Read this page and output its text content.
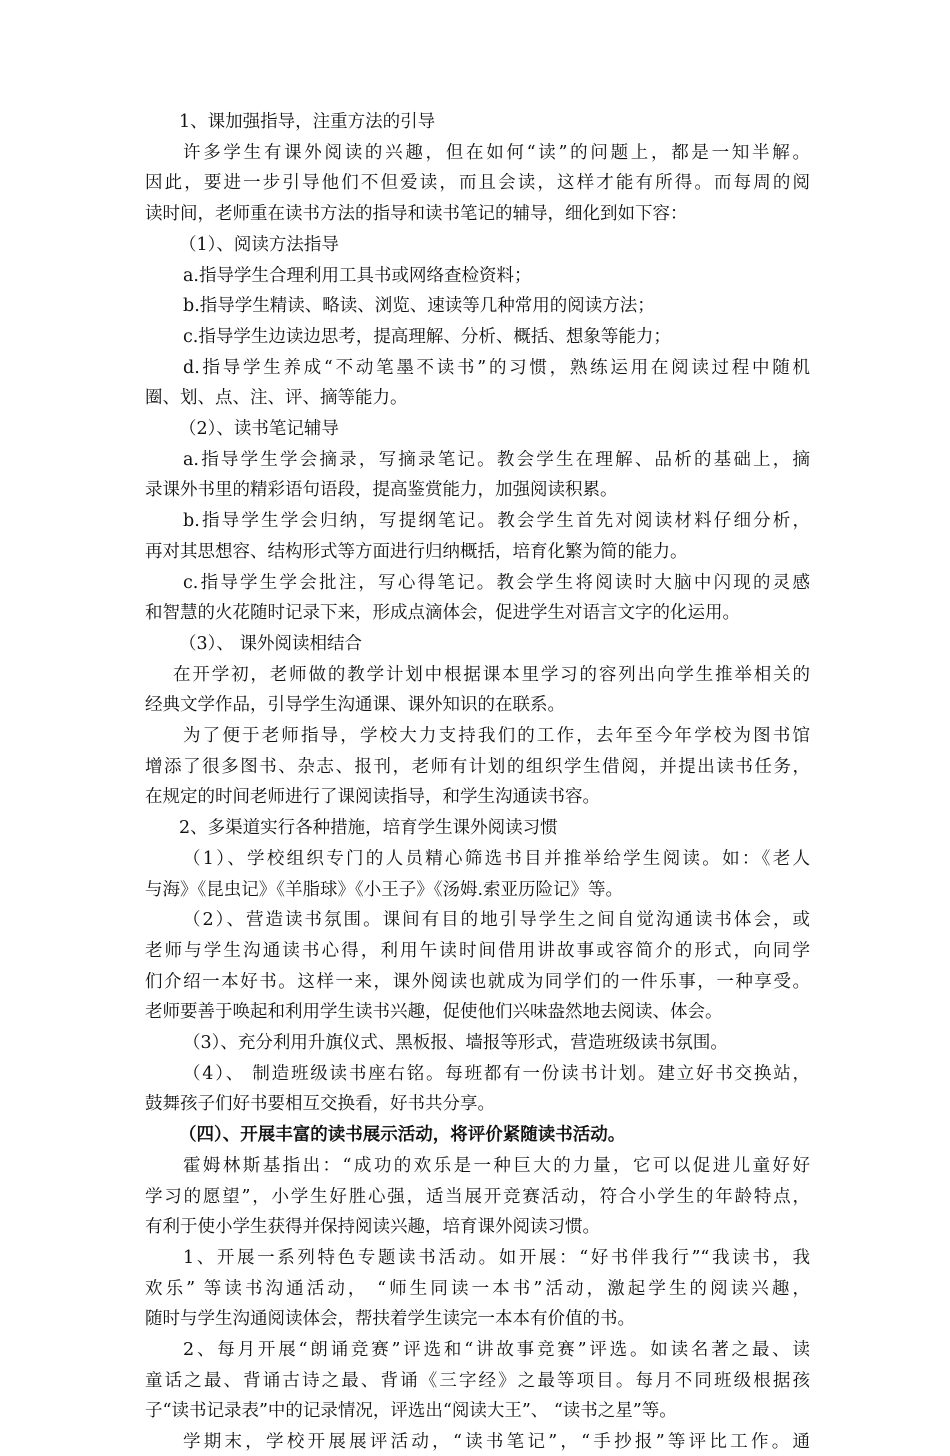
1、课加强指导，注重方法的引导
许多学生有课外阅读的兴趣，但在如何“读”的问题上，都是一知半解。
因此，要进一步引导他们不但爱读，而且会读，这样才能有所得。而每周的阅
读时间，老师重在读书方法的指导和读书笔记的辅导，细化到如下容：
（1）、阅读方法指导
a.指导学生合理利用工具书或网络查检资料；
b.指导学生精读、略读、浏览、速读等几种常用的阅读方法；
c.指导学生边读边思考，提高理解、分析、概括、想象等能力；
d.指导学生养成“不动笔墨不读书”的习惯，熟练运用在阅读过程中随机
圈、划、点、注、评、摘等能力。
（2）、读书笔记辅导
a.指导学生学会摘录，写摘录笔记。教会学生在理解、品析的基础上，摘
录课外书里的精彩语句语段，提高鉴赏能力，加强阅读积累。
b.指导学生学会归纳，写提纲笔记。教会学生首先对阅读材料仔细分析，
再对其思想容、结构形式等方面进行归纳概括，培育化繁为简的能力。
c.指导学生学会批注，写心得笔记。教会学生将阅读时大脑中闪现的灵感
和智慧的火花随时记录下来，形成点滴体会，促进学生对语言文字的化运用。
（3）、 课外阅读相结合
在开学初，老师做的教学计划中根据课本里学习的容列出向学生推举相关的
经典文学作品，引导学生沟通课、课外知识的在联系。
为了便于老师指导，学校大力支持我们的工作，去年至今年学校为图书馆
增添了很多图书、杂志、报刊，老师有计划的组织学生借阅，并提出读书任务，
在规定的时间老师进行了课阅读指导，和学生沟通读书容。
2、多渠道实行各种措施，培育学生课外阅读习惯
（1）、学校组织专门的人员精心筛选书目并推举给学生阅读。如：《老人
与海》《昆虫记》《羊脂球》《小王子》《汤姆.索亚历险记》等。
（2）、营造读书氛围。课间有目的地引导学生之间自觉沟通读书体会，或
老师与学生沟通读书心得，利用午读时间借用讲故事或容简介的形式，向同学
们介绍一本好书。这样一来，课外阅读也就成为同学们的一件乐事，一种享受。
老师要善于唤起和利用学生读书兴趣，促使他们兴味盎然地去阅读、体会。
（3）、充分利用升旗仪式、黑板报、墙报等形式，营造班级读书氛围。
（4）、 制造班级读书座右铭。每班都有一份读书计划。建立好书交换站，
鼓舞孩子们好书要相互交换看，好书共分享。
（四）、开展丰富的读书展示活动，将评价紧随读书活动。
霍姆林斯基指出：“成功的欢乐是一种巨大的力量，它可以促进儿童好好
学习的愿望”，小学生好胜心强，适当展开竞赛活动，符合小学生的年龄特点，
有利于使小学生获得并保持阅读兴趣，培育课外阅读习惯。
1、开展一系列特色专题读书活动。如开展：“好书伴我行”“我读书，我
欢乐” 等读书沟通活动， “师生同读一本书”活动，激起学生的阅读兴趣，
随时与学生沟通阅读体会，帮扶着学生读完一本本有价值的书。
2、每月开展“朗诵竞赛”评选和“讲故事竞赛”评选。如读名著之最、读
童话之最、背诵古诗之最、背诵《三字经》之最等项目。每月不同班级根据孩
子“读书记录表”中的记录情况，评选出“阅读大王”、 “读书之星”等。
学期末，学校开展展评活动，“读书笔记”，“手抄报”等评比工作。通
